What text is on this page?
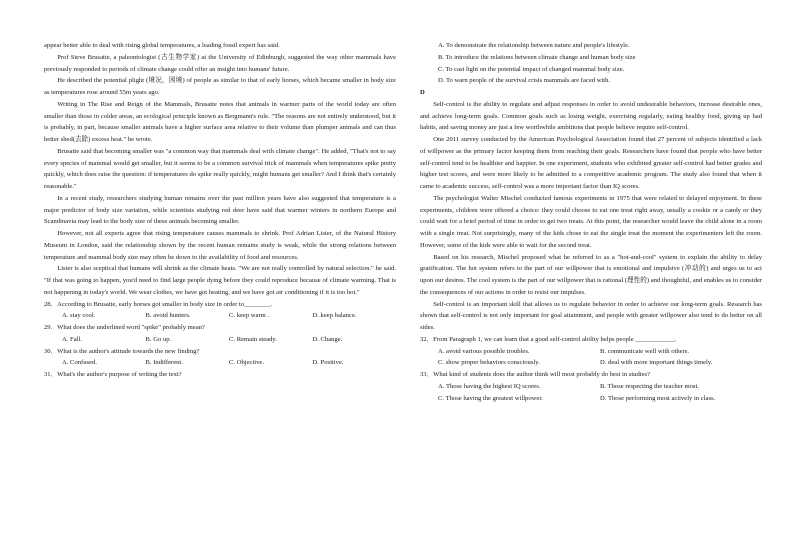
appear better able to deal with rising global temperatures, a leading fossil expert has said.

Prof Steve Brusatte, a paleontologist (古生物学家) at the University of Edinburgh, suggested the way other mammals have previously responded to periods of climate change could offer an insight into humans' future.

He described the potential plight (境况，困境) of people as similar to that of early horses, which became smaller in body size as temperatures rose around 55m years ago.

Writing in The Rise and Reign of the Mammals, Brusatte notes that animals in warmer parts of the world today are often smaller than those in colder areas, an ecological principle known as Bergmann's rule. "The reasons are not entirely understood, but it is probably, in part, because smaller animals have a higher surface area relative to their volume than plumper animals and can thus better shed(去除) excess heat." he wrote.

Brusatte said that becoming smaller was "a common way that mammals deal with climate change". He added, "That's not to say every species of mammal would get smaller, but it seems to be a common survival trick of mammals when temperatures spike pretty quickly, which does raise the question: if temperatures do spike really quickly, might humans get smaller? And I think that's certainly reasonable."

In a recent study, researchers studying human remains over the past million years have also suggested that temperature is a major predictor of body size variation, while scientists studying red deer have said that warmer winters in northern Europe and Scandinavia may lead to the body size of these animals becoming smaller.

However, not all experts agree that rising temperature causes mammals to shrink. Prof Adrian Lister, of the Natural History Museum in London, said the relationship shown by the recent human remains study is weak, while the strong relations between temperature and mammal body size may often be down to the availability of food and resources.

Lister is also sceptical that humans will shrink as the climate heats. "We are not really controlled by natural selection." he said. "If that was going to happen, you'd need to find large people dying before they could reproduce because of climate warming. That is not happening in today's world. We wear clothes, we have got heating, and we have got air conditioning if it is too hot."

28．According to Brusatte, early horses got smaller in body size in order to________.

A. stay cool.	B. avoid hunters.	C. keep warm .	D. keep balance.

29．What does the underlined word "spike" probably mean?

A. Fall.	B. Go up.	C. Remain steady.	D. Change.

30．What is the author's attitude towards the new finding?

A. Confused.	B. Indifferent.	C. Objective.	D. Positive.

31．What's the author's purpose of writing the text?

A. To demonstrate the relationship between nature and people's lifestyle.

B. To introduce the relations between climate change and human body size

C. To cast light on the potential impact of changed mammal body size.

D. To warn people of the survival crisis mammals are faced with.

D

Self-control is the ability to regulate and adjust responses in order to avoid undesirable behaviors, increase desirable ones, and achieve long-term goals. Common goals such as losing weight, exercising regularly, eating healthy food, giving up bad habits, and saving money are just a few worthwhile ambitions that people believe require self-control.

One 2011 survey conducted by the American Psychological Association found that 27 percent of subjects identified a lack of willpower as the primary factor keeping them from reaching their goals. Researchers have found that people who have better self-control tend to be healthier and happier. In one experiment, students who exhibited greater self-control had better grades and higher test scores, and were more likely to be admitted to a competitive academic program. The study also found that when it came to academic success, self-control was a more important factor than IQ scores.

The psychologist Walter Mischel conducted famous experiments in 1975 that were related to delayed enjoyment. In these experiments, children were offered a choice: they could choose to eat one treat right away, usually a cookie or a candy or they could wait for a brief period of time in order to get two treats. At this point, the researcher would leave the child alone in a room with a single treat. Not surprisingly, many of the kids chose to eat the single treat the moment the experimenters left the room. However, some of the kids were able to wait for the second treat.

Based on his research, Mischel proposed what he referred to as a "hot-and-cool" system to explain the ability to delay gratification. The hot system refers to the part of our willpower that is emotional and impulsive (冲动的) and urges us to act upon our desires. The cool system is the part of our willpower that is rational (理性的) and thoughtful, and enables us to consider the consequences of our actions in order to resist our impulses.

Self-control is an important skill that allows us to regulate behavior in order to achieve our long-term goals. Research has shown that self-control is not only important for goal attainment, and people with greater willpower also tend to do better on all sides.

32．From Paragraph 1, we can learn that a good self-control ability helps people ____________.

A. avoid various possible troubles.	B. communicate well with others.
C. show proper behaviors consciously.	D. deal with more important things timely.

33．What kind of students does the author think will most probably do best in studies?

A. Those having the highest IQ scores.	B. Those respecting the teacher most.
C. Those having the greatest willpower.	D. Those performing most actively in class.
